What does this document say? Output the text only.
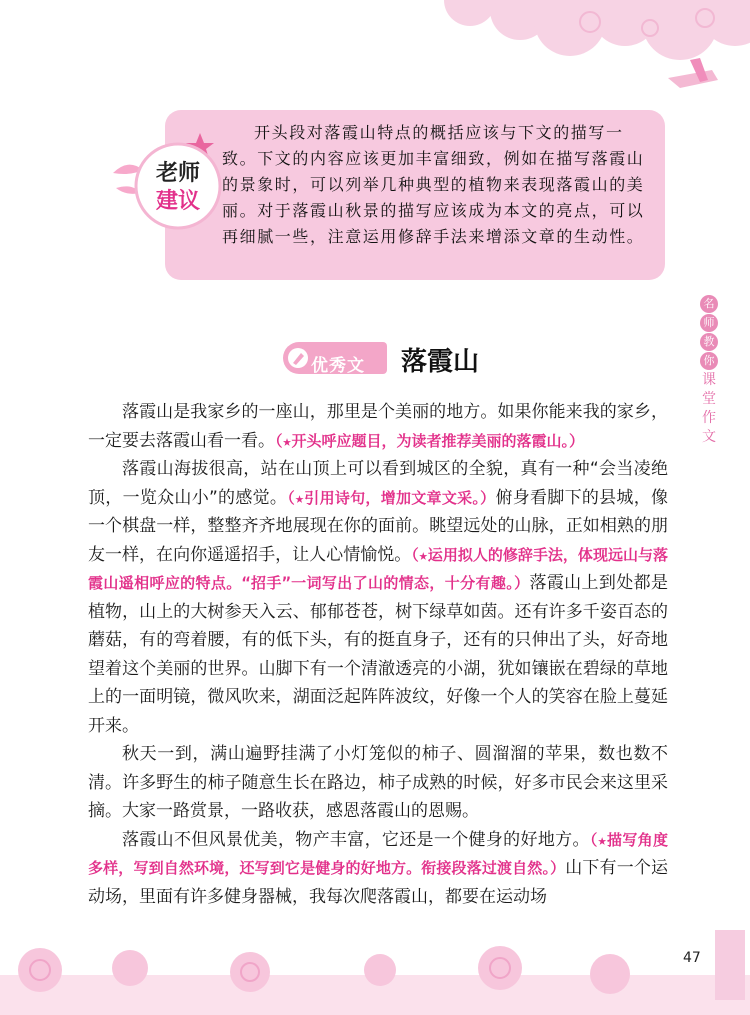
老师
建议

开头段对落霞山特点的概括应该与下文的描写一致。下文的内容应该更加丰富细致，例如在描写落霞山的景象时，可以列举几种典型的植物来表现落霞山的美丽。对于落霞山秋景的描写应该成为本文的亮点，可以再细腻一些，注意运用修辞手法来增添文章的生动性。

名
师
教
你
课
堂
作
文
优秀文 落霞山

落霞山是我家乡的一座山，那里是个美丽的地方。如果你能来我的家乡，一定要去落霞山看一看。（★开头呼应题目，为读者推荐美丽的落霞山。）

落霞山海拔很高，站在山顶上可以看到城区的全貌，真有一种“会当凌绝顶，一览众山小”的感觉。（★引用诗句，增加文章文采。）俯身看脚下的县城，像一个棋盘一样，整整齐齐地展现在你的面前。眺望远处的山脉，正如相熟的朋友一样，在向你遥遥招手，让人心情愉悦。（★运用拟人的修辞手法，体现远山与落霞山遥相呼应的特点。“招手”一词写出了山的情态，十分有趣。）落霞山上到处都是植物，山上的大树参天入云、郁郁苍苍，树下绿草如茵。还有许多千姿百态的蘑菇，有的弯着腰，有的低下头，有的挺直身子，还有的只伸出了头，好奇地望着这个美丽的世界。山脚下有一个清澈透亮的小湖，犹如镶嵌在碧绿的草地上的一面明镜，微风吹来，湖面泛起阵阵波纹，好像一个人的笑容在脸上蔓延开来。

秋天一到，满山遍野挂满了小灯笼似的柿子、圆溜溜的苹果，数也数不清。许多野生的柿子随意生长在路边，柿子成熟的时候，好多市民会来这里采摘。大家一路赏景，一路收获，感恩落霞山的恩赐。

落霞山不但风景优美，物产丰富，它还是一个健身的好地方。（★描写角度多样，写到自然环境，还写到它是健身的好地方。衔接段落过渡自然。）山下有一个运动场，里面有许多健身器械，我每次爬落霞山，都要在运动场

47
